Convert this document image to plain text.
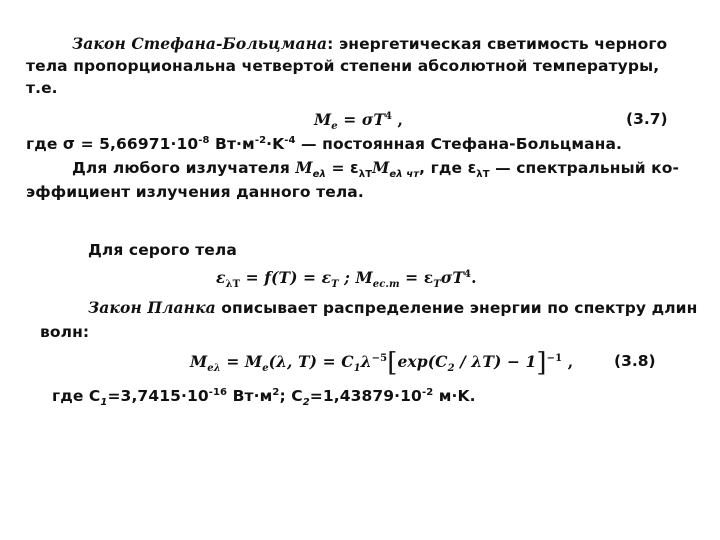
Закон Стефана-Больцмана: энергетическая светимость черного
тела пропорциональна четвертой степени абсолютной температуры,
т.е.
$M_e = \sigma T^4$ ,	(3.7)
где $\sigma = 5,66971\cdot 10^{-8}$ $Вт\cdot м^{-2}\cdot K^{-4}$ — постоянная Стефана-Больцмана.
Для любого излучателя $M_{e\lambda} = \varepsilon_{\lambda T}M_{e\lambda чт}$, где $\varepsilon_{\lambda T}$ — спектральный ко-
эффициент излучения данного тела.
Для серого тела
$\varepsilon_{\lambda T} = f(T) = \varepsilon_T$ ; $M_{ес.т} = \varepsilon_T\sigma T^4$.
Закон Планка описывает распределение энергии по спектру длин
волн:
$M_{e\lambda} = M_e(\lambda$, $T) = C_1\lambda^{-5}[\exp(C_2 / \lambda T) - 1]^{-1}$ ,	(3.8)
где $C_1=3,7415\cdot 10^{-16}$ $Вт\cdot м^2$; $C_2=1,43879\cdot 10^{-2}$ м·K.
